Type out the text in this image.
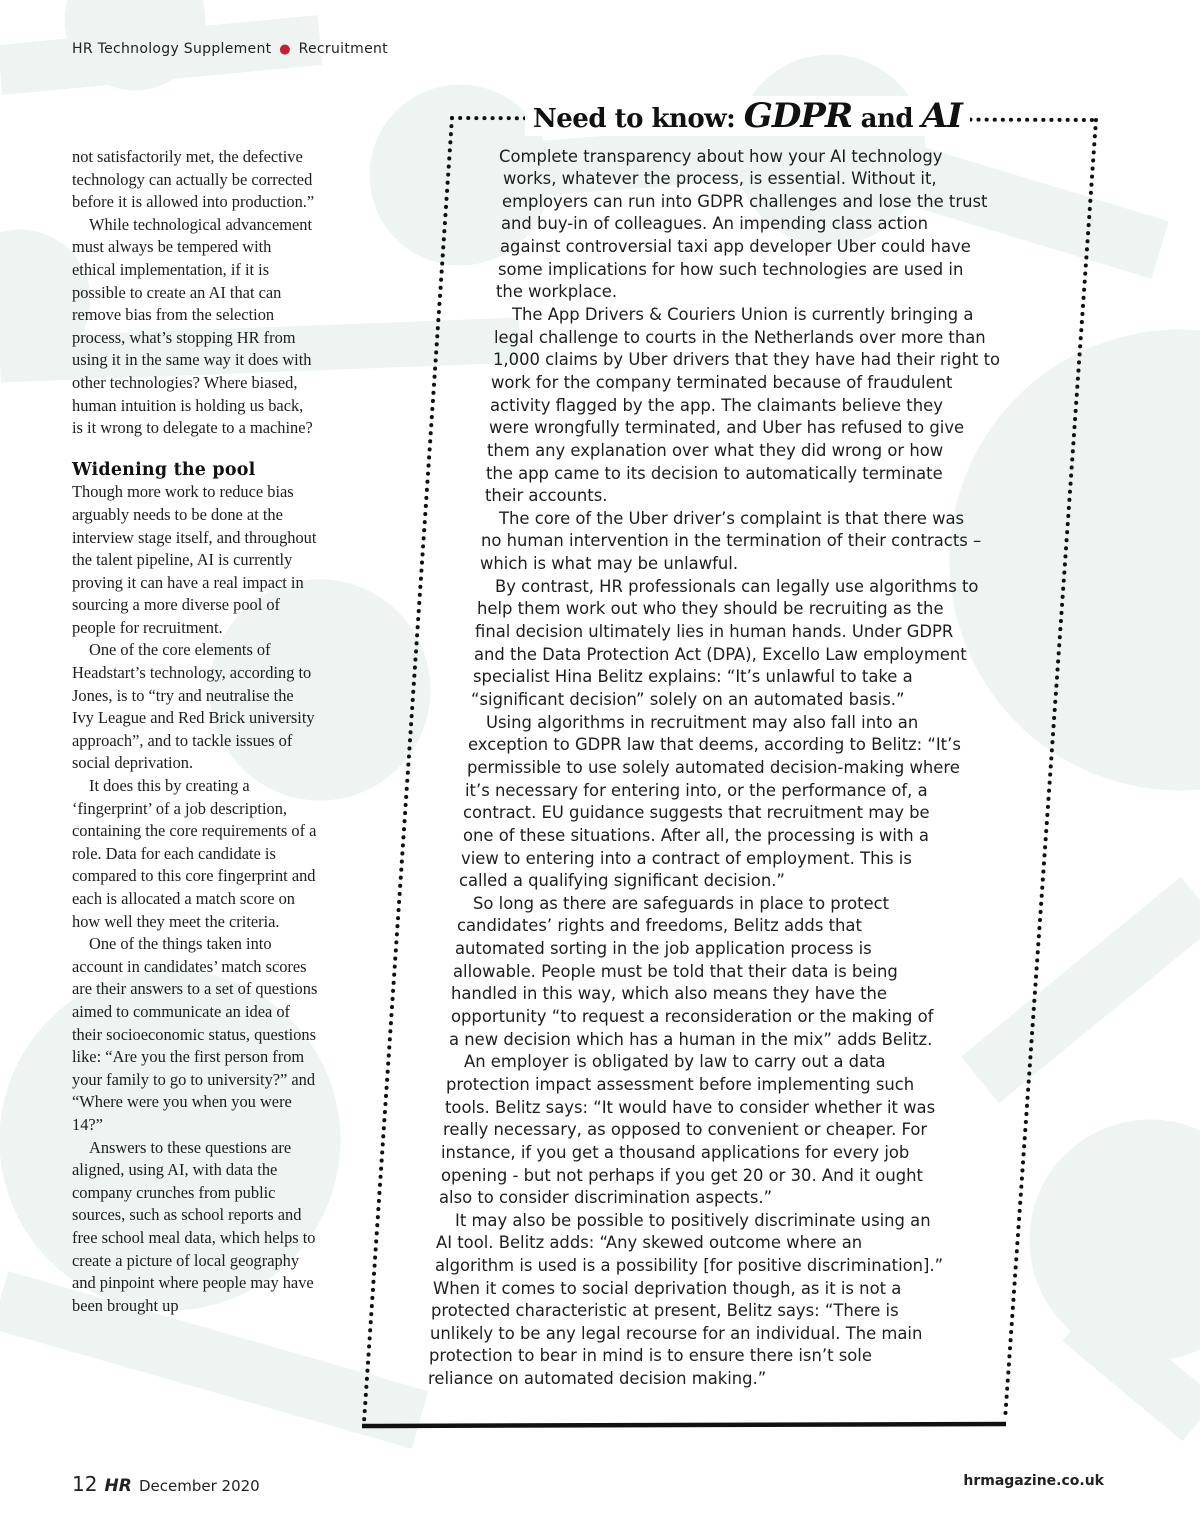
HR Technology Supplement ● Recruitment

not satisfactorily met, the defective technology can actually be corrected before it is allowed into production.”

While technological advancement must always be tempered with ethical implementation, if it is possible to create an AI that can remove bias from the selection process, what’s stopping HR from using it in the same way it does with other technologies? Where biased, human intuition is holding us back, is it wrong to delegate to a machine?

Widening the pool

Though more work to reduce bias arguably needs to be done at the interview stage itself, and throughout the talent pipeline, AI is currently proving it can have a real impact in sourcing a more diverse pool of people for recruitment.

One of the core elements of Headstart’s technology, according to Jones, is to “try and neutralise the Ivy League and Red Brick university approach”, and to tackle issues of social deprivation.

It does this by creating a ‘fingerprint’ of a job description, containing the core requirements of a role. Data for each candidate is compared to this core fingerprint and each is allocated a match score on how well they meet the criteria.

One of the things taken into account in candidates’ match scores are their answers to a set of questions aimed to communicate an idea of their socioeconomic status, questions like: “Are you the first person from your family to go to university?” and “Where were you when you were 14?”

Answers to these questions are aligned, using AI, with data the company crunches from public sources, such as school reports and free school meal data, which helps to create a picture of local geography and pinpoint where people may have been brought up

Need to know: GDPR and AI
Complete transparency about how your AI technology
works, whatever the process, is essential. Without it,
employers can run into GDPR challenges and lose the trust
and buy-in of colleagues. An impending class action
against controversial taxi app developer Uber could have
some implications for how such technologies are used in
the workplace.
The App Drivers & Couriers Union is currently bringing a
legal challenge to courts in the Netherlands over more than
1,000 claims by Uber drivers that they have had their right to
work for the company terminated because of fraudulent
activity flagged by the app. The claimants believe they
were wrongfully terminated, and Uber has refused to give
them any explanation over what they did wrong or how
the app came to its decision to automatically terminate
their accounts.
The core of the Uber driver’s complaint is that there was
no human intervention in the termination of their contracts –
which is what may be unlawful.
By contrast, HR professionals can legally use algorithms to
help them work out who they should be recruiting as the
final decision ultimately lies in human hands. Under GDPR
and the Data Protection Act (DPA), Excello Law employment
specialist Hina Belitz explains: “It’s unlawful to take a
“significant decision” solely on an automated basis.”
Using algorithms in recruitment may also fall into an
exception to GDPR law that deems, according to Belitz: “It’s
permissible to use solely automated decision-making where
it’s necessary for entering into, or the performance of, a
contract. EU guidance suggests that recruitment may be
one of these situations. After all, the processing is with a
view to entering into a contract of employment. This is
called a qualifying significant decision.”
So long as there are safeguards in place to protect
candidates’ rights and freedoms, Belitz adds that
automated sorting in the job application process is
allowable. People must be told that their data is being
handled in this way, which also means they have the
opportunity “to request a reconsideration or the making of
a new decision which has a human in the mix” adds Belitz.
An employer is obligated by law to carry out a data
protection impact assessment before implementing such
tools. Belitz says: “It would have to consider whether it was
really necessary, as opposed to convenient or cheaper. For
instance, if you get a thousand applications for every job
opening - but not perhaps if you get 20 or 30. And it ought
also to consider discrimination aspects.”
It may also be possible to positively discriminate using an
AI tool. Belitz adds: “Any skewed outcome where an
algorithm is used is a possibility [for positive discrimination].”
When it comes to social deprivation though, as it is not a
protected characteristic at present, Belitz says: “There is
unlikely to be any legal recourse for an individual. The main
protection to bear in mind is to ensure there isn’t sole
reliance on automated decision making.”
12 HR December 2020	hrmagazine.co.uk
